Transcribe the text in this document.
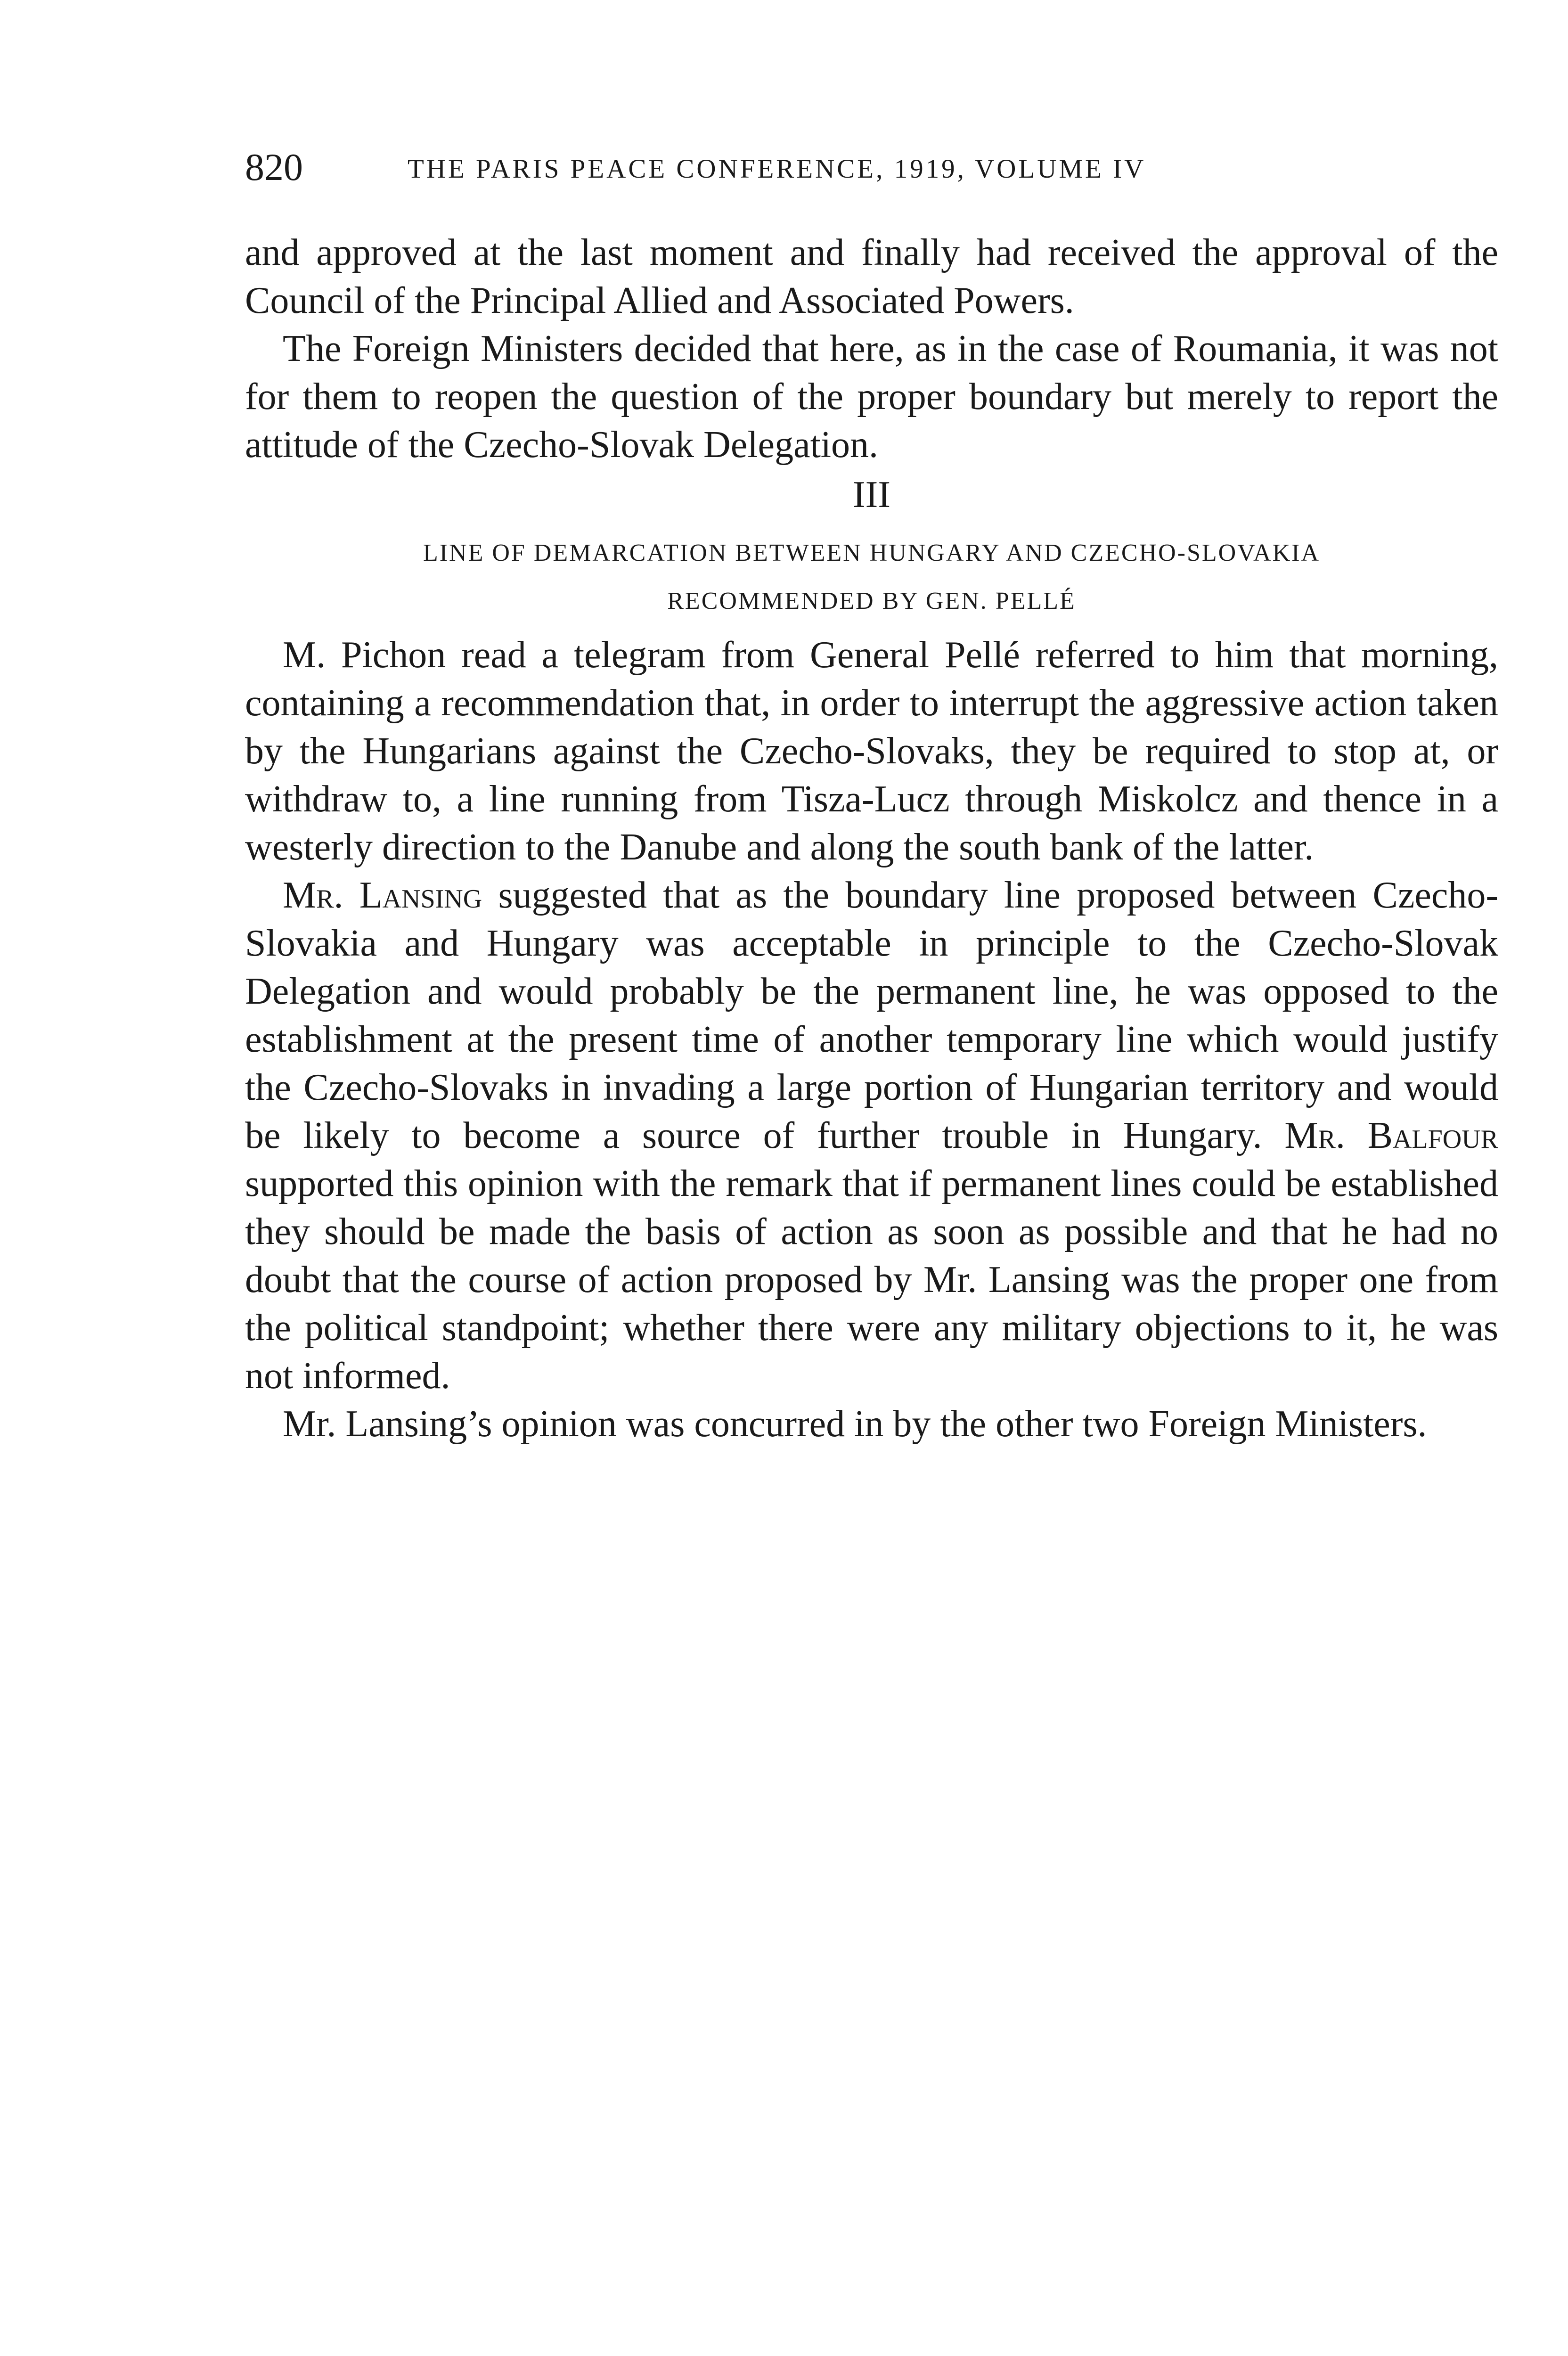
820	THE PARIS PEACE CONFERENCE, 1919, VOLUME IV

and approved at the last moment and finally had received the approval of the Council of the Principal Allied and Associated Powers.

The Foreign Ministers decided that here, as in the case of Roumania, it was not for them to reopen the question of the proper boundary but merely to report the attitude of the Czecho-Slovak Delegation.

III
LINE OF DEMARCATION BETWEEN HUNGARY AND CZECHO-SLOVAKIA
RECOMMENDED BY GEN. PELLÉ

M. Pichon read a telegram from General Pellé referred to him that morning, containing a recommendation that, in order to interrupt the aggressive action taken by the Hungarians against the Czecho-Slovaks, they be required to stop at, or withdraw to, a line running from Tisza-Lucz through Miskolcz and thence in a westerly direction to the Danube and along the south bank of the latter.

Mr. Lansing suggested that as the boundary line proposed between Czecho-Slovakia and Hungary was acceptable in principle to the Czecho-Slovak Delegation and would probably be the permanent line, he was opposed to the establishment at the present time of another temporary line which would justify the Czecho-Slovaks in invading a large portion of Hungarian territory and would be likely to become a source of further trouble in Hungary. Mr. Balfour supported this opinion with the remark that if permanent lines could be established they should be made the basis of action as soon as possible and that he had no doubt that the course of action proposed by Mr. Lansing was the proper one from the political standpoint; whether there were any military objections to it, he was not informed.

Mr. Lansing’s opinion was concurred in by the other two Foreign Ministers.
